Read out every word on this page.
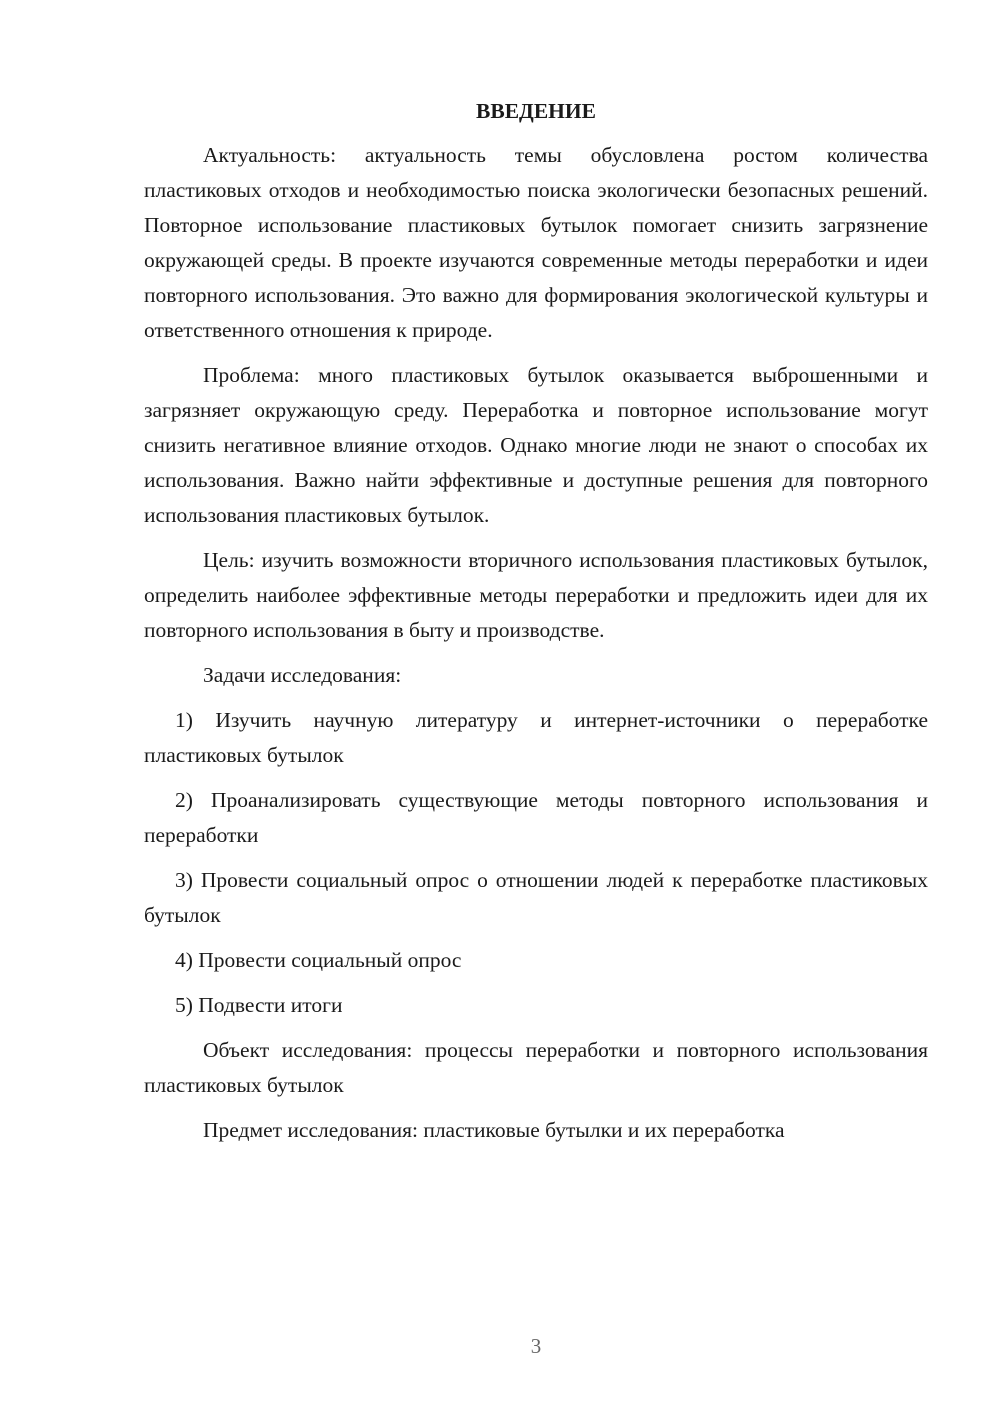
ВВЕДЕНИЕ

Актуальность: актуальность темы обусловлена ростом количества пластиковых отходов и необходимостью поиска экологически безопасных решений. Повторное использование пластиковых бутылок помогает снизить загрязнение окружающей среды. В проекте изучаются современные методы переработки и идеи повторного использования. Это важно для формирования экологической культуры и ответственного отношения к природе.

Проблема: много пластиковых бутылок оказывается выброшенными и загрязняет окружающую среду. Переработка и повторное использование могут снизить негативное влияние отходов. Однако многие люди не знают о способах их использования. Важно найти эффективные и доступные решения для повторного использования пластиковых бутылок.

Цель: изучить возможности вторичного использования пластиковых бутылок, определить наиболее эффективные методы переработки и предложить идеи для их повторного использования в быту и производстве.

Задачи исследования:

1) Изучить научную литературу и интернет-источники о переработке пластиковых бутылок

2) Проанализировать существующие методы повторного использования и переработки

3) Провести социальный опрос о отношении людей к переработке пластиковых бутылок

4) Провести социальный опрос

5) Подвести итоги

Объект исследования: процессы переработки и повторного использования пластиковых бутылок

Предмет исследования: пластиковые бутылки и их переработка

3
